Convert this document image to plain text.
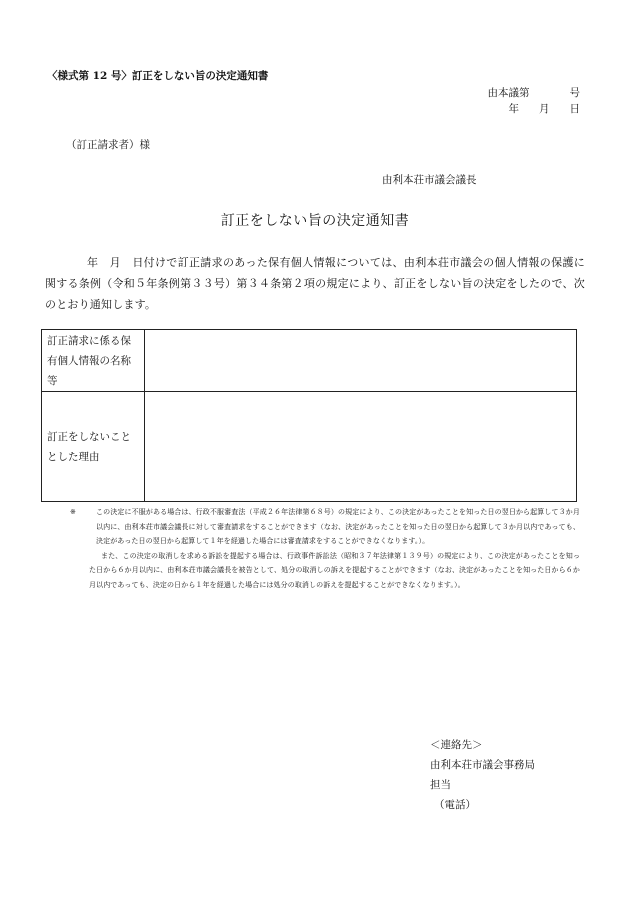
〈様式第 12 号〉訂正をしない旨の決定通知書
由本議第	号
年 月 日
（訂正請求者）様
由利本荘市議会議長
訂正をしない旨の決定通知書
年　月　日付けで訂正請求のあった保有個人情報については、由利本荘市議会の個人情報の保護に関する条例（令和５年条例第３３号）第３４条第２項の規定により、訂正をしない旨の決定をしたので、次のとおり通知します。
訂正請求に係る保有個人情報の名称等	
訂正をしないこととした理由	
※	この決定に不服がある場合は、行政不服審査法（平成２６年法律第６８号）の規定により、この決定があったことを知った日の翌日から起算して３か月以内に、由利本荘市議会議長に対して審査請求をすることができます（なお、決定があったことを知った日の翌日から起算して３か月以内であっても、決定があった日の翌日から起算して１年を経過した場合には審査請求をすることができなくなります。）。

また、この決定の取消しを求める訴訟を提起する場合は、行政事件訴訟法（昭和３７年法律第１３９号）の規定により、この決定があったことを知った日から６か月以内に、由利本荘市議会議長を被告として、処分の取消しの訴えを提起することができます（なお、決定があったことを知った日から６か月以内であっても、決定の日から１年を経過した場合には処分の取消しの訴えを提起することができなくなります。）。

＜連絡先＞
由利本荘市議会事務局
担当
（電話）
